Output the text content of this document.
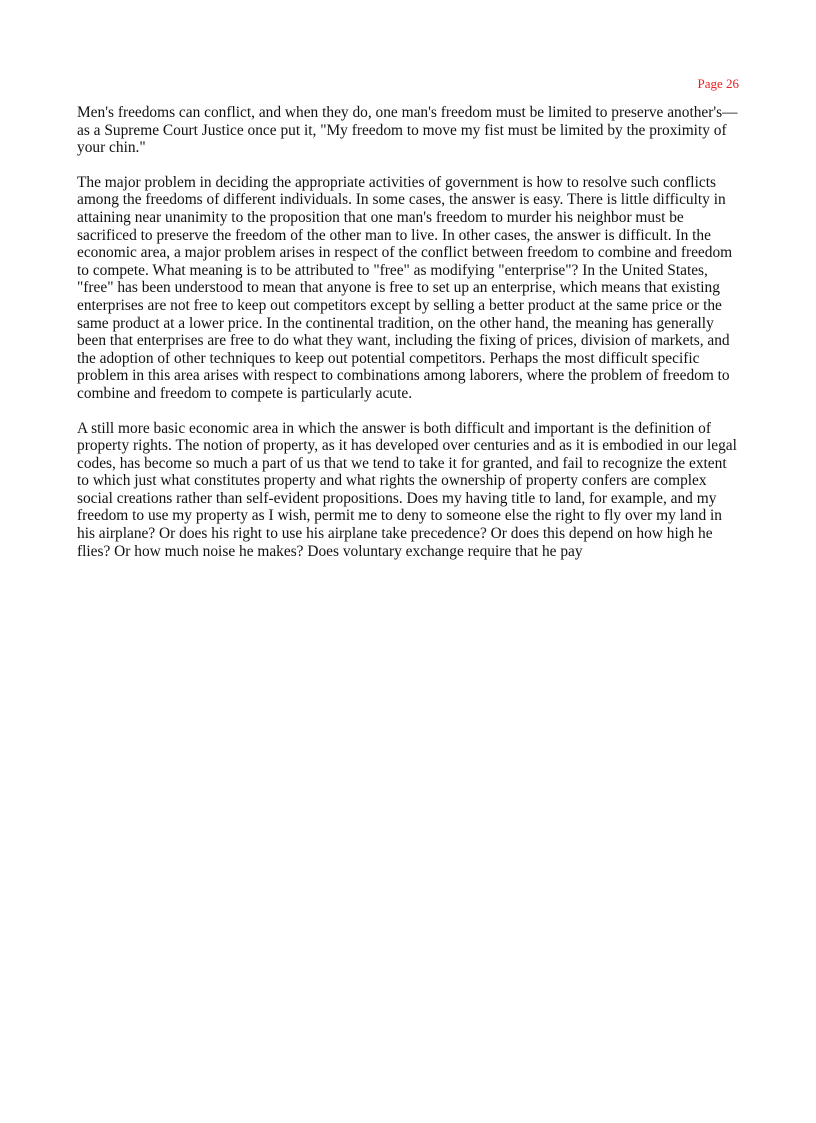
Page 26

Men's freedoms can conflict, and when they do, one man's freedom must be limited to preserve another's—as a Supreme Court Justice once put it, "My freedom to move my fist must be limited by the proximity of your chin."

The major problem in deciding the appropriate activities of government is how to resolve such conflicts among the freedoms of different individuals. In some cases, the answer is easy. There is little difficulty in attaining near unanimity to the proposition that one man's freedom to murder his neighbor must be sacrificed to preserve the freedom of the other man to live. In other cases, the answer is difficult. In the economic area, a major problem arises in respect of the conflict between freedom to combine and freedom to compete. What meaning is to be attributed to "free" as modifying "enterprise"? In the United States, "free" has been understood to mean that anyone is free to set up an enterprise, which means that existing enterprises are not free to keep out competitors except by selling a better product at the same price or the same product at a lower price. In the continental tradition, on the other hand, the meaning has generally been that enterprises are free to do what they want, including the fixing of prices, division of markets, and the adoption of other techniques to keep out potential competitors. Perhaps the most difficult specific problem in this area arises with respect to combinations among laborers, where the problem of freedom to combine and freedom to compete is particularly acute.

A still more basic economic area in which the answer is both difficult and important is the definition of property rights. The notion of property, as it has developed over centuries and as it is embodied in our legal codes, has become so much a part of us that we tend to take it for granted, and fail to recognize the extent to which just what constitutes property and what rights the ownership of property confers are complex social creations rather than self-evident propositions. Does my having title to land, for example, and my freedom to use my property as I wish, permit me to deny to someone else the right to fly over my land in his airplane? Or does his right to use his airplane take precedence? Or does this depend on how high he flies? Or how much noise he makes? Does voluntary exchange require that he pay
